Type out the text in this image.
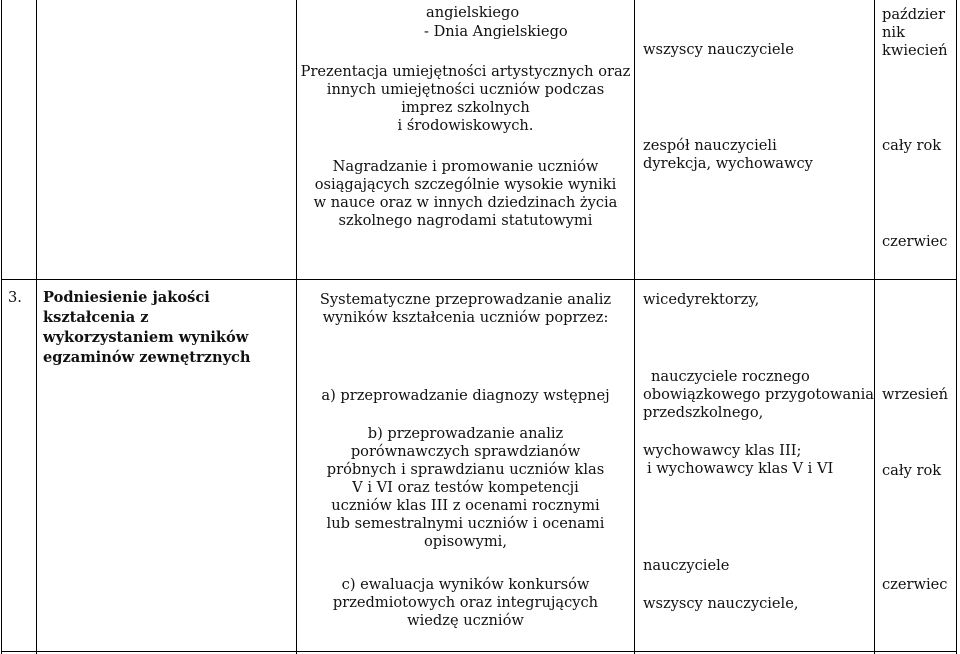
angielskiego
- Dnia Angielskiego
Prezentacja umiejętności artystycznych oraz
innych umiejętności uczniów podczas
imprez szkolnych
i środowiskowych.
Nagradzanie i promowanie uczniów
osiągających szczególnie wysokie wyniki
w nauce oraz w innych dziedzinach życia
szkolnego nagrodami statutowymi
wszyscy nauczyciele
zespół nauczycieli
dyrekcja, wychowawcy
paździer
nik
kwiecień
cały rok
czerwiec
3. Podniesienie jakości
kształcenia z
wykorzystaniem wyników
egzaminów zewnętrznych
Systematyczne przeprowadzanie analiz
wyników kształcenia uczniów poprzez:
a) przeprowadzanie diagnozy wstępnej
b) przeprowadzanie analiz
porównawczych sprawdzianów
próbnych i sprawdzianu uczniów klas
V i VI oraz testów kompetencji
uczniów klas III z ocenami rocznymi
lub semestralnymi uczniów i ocenami
opisowymi,
c) ewaluacja wyników konkursów
przedmiotowych oraz integrujących
wiedzę uczniów
wicedyrektorzy,
nauczyciele rocznego
obowiązkowego przygotowania
przedszkolnego,
wychowawcy klas III;
i wychowawcy klas V i VI
nauczyciele
wszyscy nauczyciele,
wrzesień
cały rok
czerwiec
